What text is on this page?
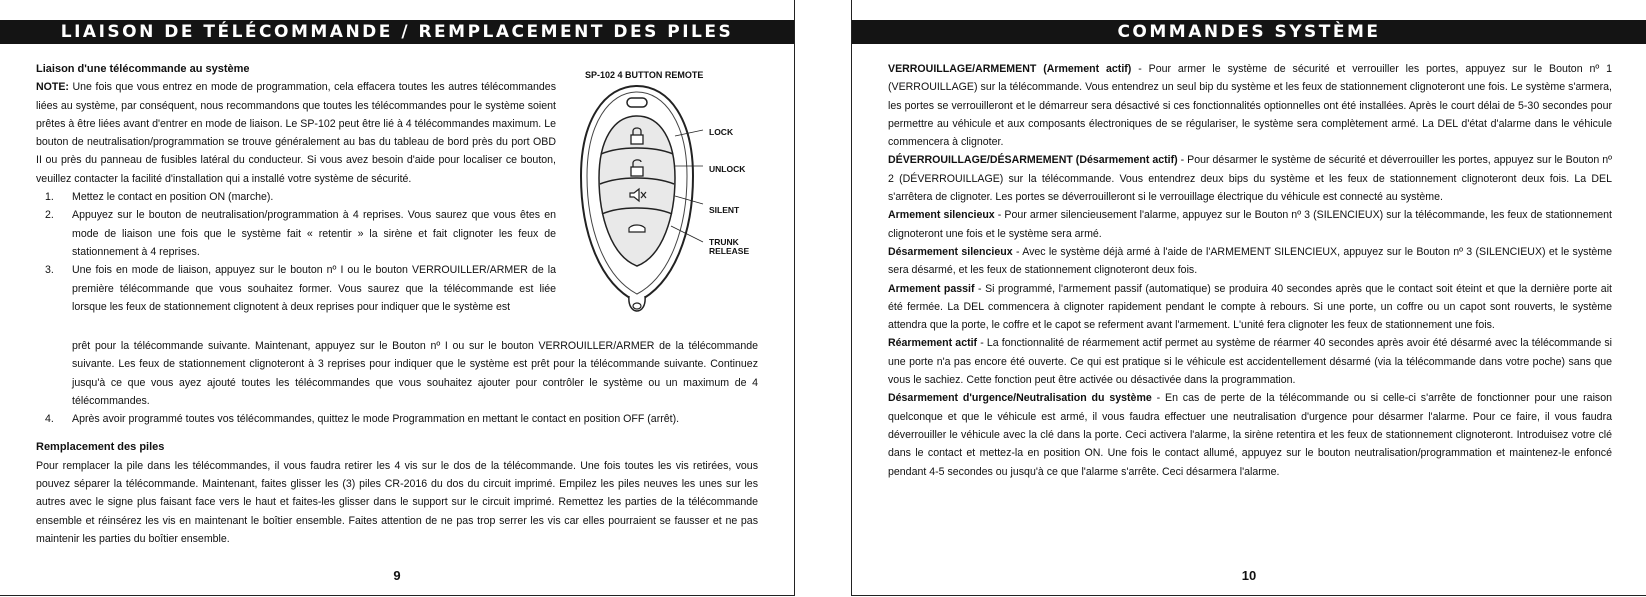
LIAISON DE TÉLÉCOMMANDE / REMPLACEMENT DES PILES

Liaison d'une télécommande au système

NOTE: Une fois que vous entrez en mode de programmation, cela effacera toutes les autres télécommandes liées au système, par conséquent, nous recommandons que toutes les télécommandes pour le système soient prêtes à être liées avant d'entrer en mode de liaison. Le SP-102 peut être lié à 4 télécommandes maximum. Le bouton de neutralisation/programmation se trouve généralement au bas du tableau de bord près du port OBD II ou près du panneau de fusibles latéral du conducteur. Si vous avez besoin d'aide pour localiser ce bouton, veuillez contacter la facilité d'installation qui a installé votre système de sécurité.

1. Mettez le contact en position ON (marche).
2. Appuyez sur le bouton de neutralisation/programmation à 4 reprises. Vous saurez que vous êtes en mode de liaison une fois que le système fait « retentir » la sirène et fait clignoter les feux de stationnement à 4 reprises.
3. Une fois en mode de liaison, appuyez sur le bouton nº I ou le bouton VERROUILLER/ARMER de la première télécommande que vous souhaitez former. Vous saurez que la télécommande est liée lorsque les feux de stationnement clignotent à deux reprises pour indiquer que le système est
prêt pour la télécommande suivante. Maintenant, appuyez sur le Bouton nº I ou sur le bouton VERROUILLER/ARMER de la télécommande suivante. Les feux de stationnement clignoteront à 3 reprises pour indiquer que le système est prêt pour la télécommande suivante. Continuez jusqu'à ce que vous ayez ajouté toutes les télécommandes que vous souhaitez ajouter pour contrôler le système ou un maximum de 4 télécommandes.
4. Après avoir programmé toutes vos télécommandes, quittez le mode Programmation en mettant le contact en position OFF (arrêt).

Remplacement des piles

Pour remplacer la pile dans les télécommandes, il vous faudra retirer les 4 vis sur le dos de la télécommande. Une fois toutes les vis retirées, vous pouvez séparer la télécommande. Maintenant, faites glisser les (3) piles CR-2016 du dos du circuit imprimé. Empilez les piles neuves les unes sur les autres avec le signe plus faisant face vers le haut et faites-les glisser dans le support sur le circuit imprimé. Remettez les parties de la télécommande ensemble et réinsérez les vis en maintenant le boîtier ensemble. Faites attention de ne pas trop serrer les vis car elles pourraient se fausser et ne pas maintenir les parties du boîtier ensemble.

SP-102 4 BUTTON REMOTE
LOCK
UNLOCK
SILENT
TRUNK
RELEASE
9
COMMANDES SYSTÈME

VERROUILLAGE/ARMEMENT (Armement actif) - Pour armer le système de sécurité et verrouiller les portes, appuyez sur le Bouton nº 1 (VERROUILLAGE) sur la télécommande. Vous entendrez un seul bip du système et les feux de stationnement clignoteront une fois. Le système s'armera, les portes se verrouilleront et le démarreur sera désactivé si ces fonctionnalités optionnelles ont été installées. Après le court délai de 5-30 secondes pour permettre au véhicule et aux composants électroniques de se régulariser, le système sera complètement armé. La DEL d'état d'alarme dans le véhicule commencera à clignoter.

DÉVERROUILLAGE/DÉSARMEMENT (Désarmement actif) - Pour désarmer le système de sécurité et déverrouiller les portes, appuyez sur le Bouton nº 2 (DÉVERROUILLAGE) sur la télécommande. Vous entendrez deux bips du système et les feux de stationnement clignoteront deux fois. La DEL s'arrêtera de clignoter. Les portes se déverrouilleront si le verrouillage électrique du véhicule est connecté au système.

Armement silencieux - Pour armer silencieusement l'alarme, appuyez sur le Bouton nº 3 (SILENCIEUX) sur la télécommande, les feux de stationnement clignoteront une fois et le système sera armé.

Désarmement silencieux - Avec le système déjà armé à l'aide de l'ARMEMENT SILENCIEUX, appuyez sur le Bouton nº 3 (SILENCIEUX) et le système sera désarmé, et les feux de stationnement clignoteront deux fois.

Armement passif - Si programmé, l'armement passif (automatique) se produira 40 secondes après que le contact soit éteint et que la dernière porte ait été fermée. La DEL commencera à clignoter rapidement pendant le compte à rebours. Si une porte, un coffre ou un capot sont rouverts, le système attendra que la porte, le coffre et le capot se referment avant l'armement. L'unité fera clignoter les feux de stationnement une fois.

Réarmement actif - La fonctionnalité de réarmement actif permet au système de réarmer 40 secondes après avoir été désarmé avec la télécommande si une porte n'a pas encore été ouverte. Ce qui est pratique si le véhicule est accidentellement désarmé (via la télécommande dans votre poche) sans que vous le sachiez. Cette fonction peut être activée ou désactivée dans la programmation.

Désarmement d'urgence/Neutralisation du système - En cas de perte de la télécommande ou si celle-ci s'arrête de fonctionner pour une raison quelconque et que le véhicule est armé, il vous faudra effectuer une neutralisation d'urgence pour désarmer l'alarme. Pour ce faire, il vous faudra déverrouiller le véhicule avec la clé dans la porte. Ceci activera l'alarme, la sirène retentira et les feux de stationnement clignoteront. Introduisez votre clé dans le contact et mettez-la en position ON. Une fois le contact allumé, appuyez sur le bouton neutralisation/programmation et maintenez-le enfoncé pendant 4-5 secondes ou jusqu'à ce que l'alarme s'arrête. Ceci désarmera l'alarme.

10
